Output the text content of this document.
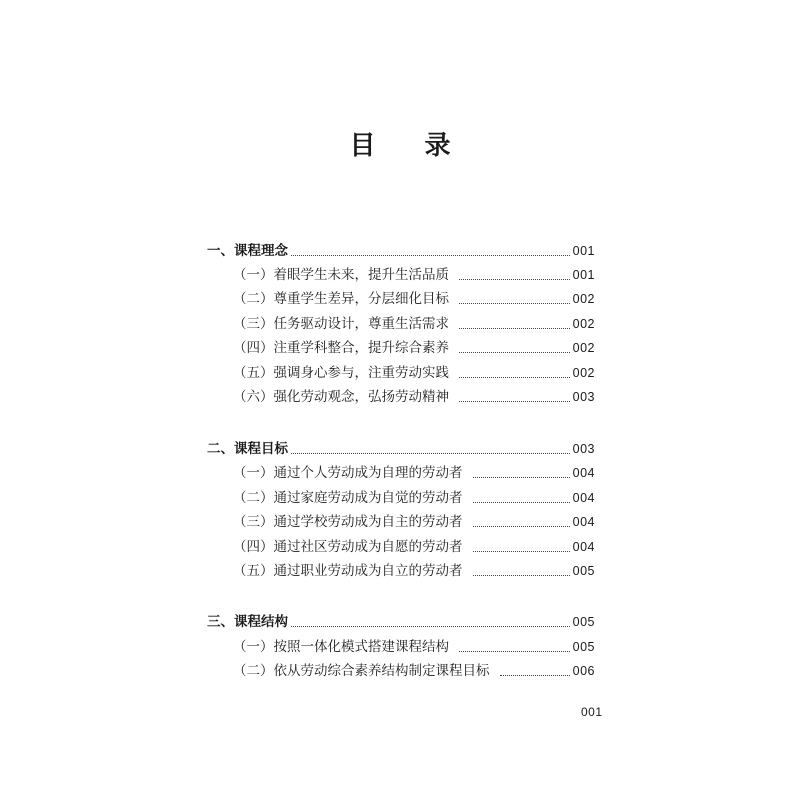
目 录
一、课程理念	001
（一）着眼学生未来，提升生活品质	001
（二）尊重学生差异，分层细化目标	002
（三）任务驱动设计，尊重生活需求	002
（四）注重学科整合，提升综合素养	002
（五）强调身心参与，注重劳动实践	002
（六）强化劳动观念，弘扬劳动精神	003
二、课程目标	003
（一）通过个人劳动成为自理的劳动者	004
（二）通过家庭劳动成为自觉的劳动者	004
（三）通过学校劳动成为自主的劳动者	004
（四）通过社区劳动成为自愿的劳动者	004
（五）通过职业劳动成为自立的劳动者	005
三、课程结构	005
（一）按照一体化模式搭建课程结构	005
（二）依从劳动综合素养结构制定课程目标	006
001
